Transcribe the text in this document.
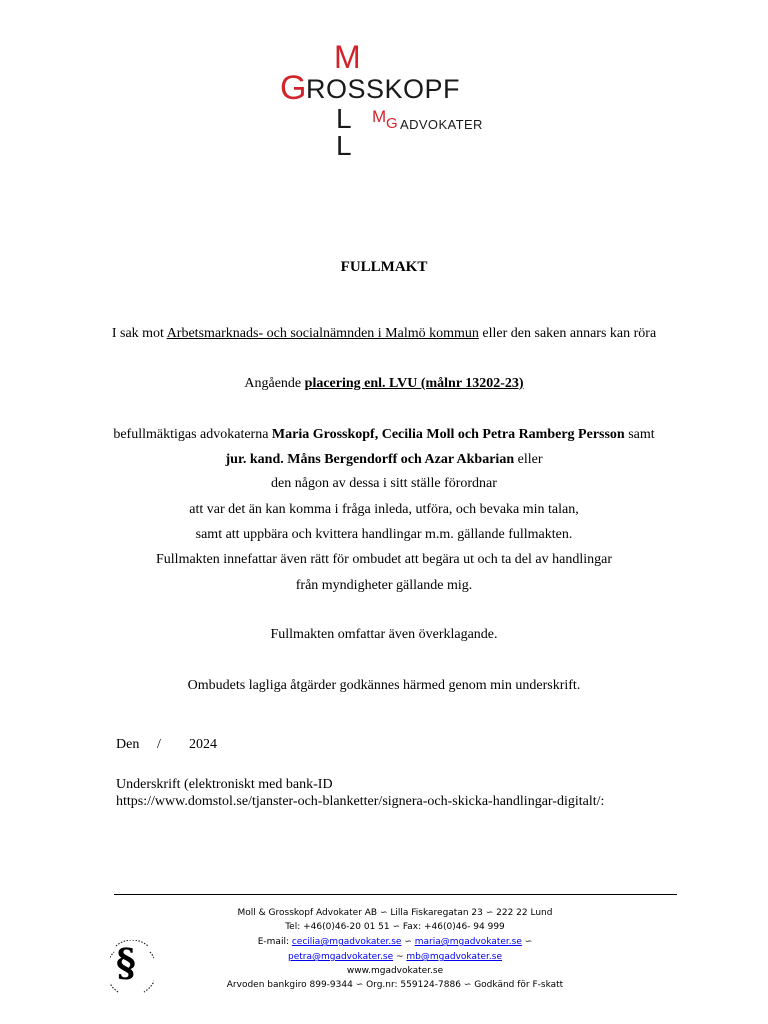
M
G ROSSKOPF
L
L
M G ADVOKATER
FULLMAKT
I sak mot Arbetsmarknads- och socialnämnden i Malmö kommun eller den saken annars kan röra
Angående placering enl. LVU (målnr 13202-23)
befullmäktigas advokaterna Maria Grosskopf, Cecilia Moll och Petra Ramberg Persson samt
jur. kand. Måns Bergendorff och Azar Akbarian eller
den någon av dessa i sitt ställe förordnar
att var det än kan komma i fråga inleda, utföra, och bevaka min talan,
samt att uppbära och kvittera handlingar m.m. gällande fullmakten.
Fullmakten innefattar även rätt för ombudet att begära ut och ta del av handlingar
från myndigheter gällande mig.
Fullmakten omfattar även överklagande.
Ombudets lagliga åtgärder godkännes härmed genom min underskrift.
Den / 2024
Underskrift (elektroniskt med bank-ID
https://www.domstol.se/tjanster-och-blanketter/signera-och-skicka-handlingar-digitalt/:
§
Moll & Grosskopf Advokater AB ∽ Lilla Fiskaregatan 23 ∽ 222 22 Lund
Tel: +46(0)46-20 01 51 ∽ Fax: +46(0)46- 94 999
E-mail: cecilia@mgadvokater.se ∽ maria@mgadvokater.se ∽
petra@mgadvokater.se ~ mb@mgadvokater.se
www.mgadvokater.se
Arvoden bankgiro 899-9344 ∽ Org.nr: 559124-7886 ∽ Godkänd för F-skatt
